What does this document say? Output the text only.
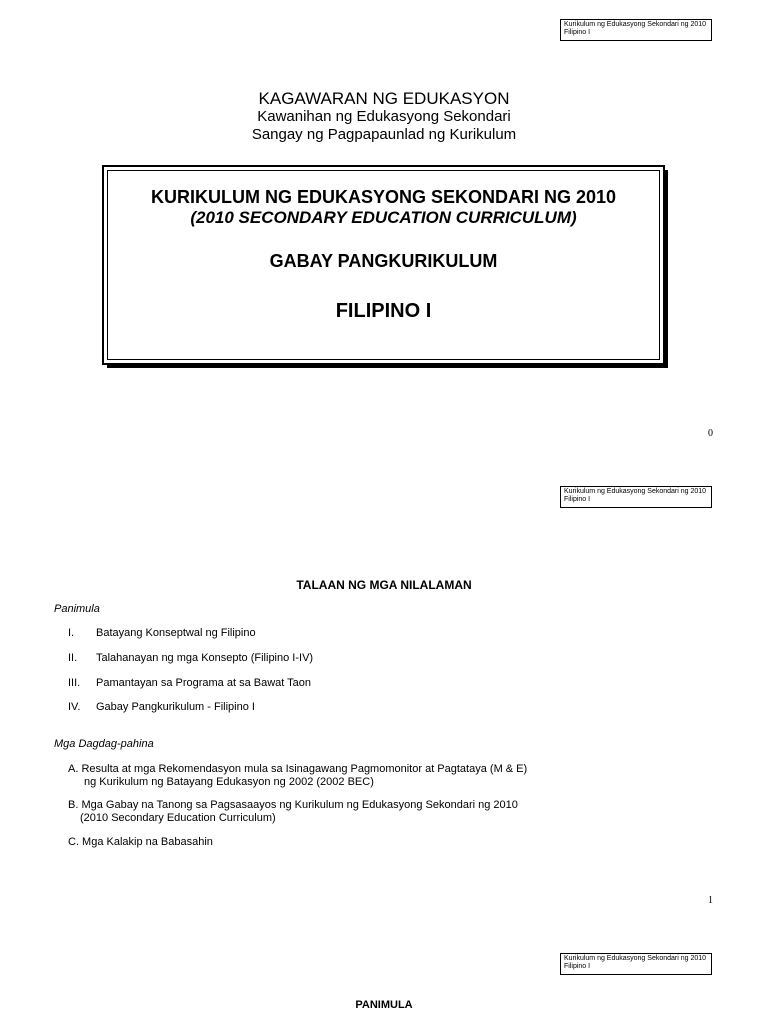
Kurikulum ng Edukasyong Sekondari ng 2010
Filipino I
KAGAWARAN NG EDUKASYON
Kawanihan ng Edukasyong Sekondari
Sangay ng Pagpapaunlad ng Kurikulum
KURIKULUM NG EDUKASYONG SEKONDARI NG 2010
(2010 SECONDARY EDUCATION CURRICULUM)
GABAY PANGKURIKULUM
FILIPINO I
0
Kurikulum ng Edukasyong Sekondari ng 2010
Filipino I
TALAAN NG MGA NILALAMAN
Panimula
I. Batayang Konseptwal ng Filipino
II. Talahanayan ng mga Konsepto (Filipino I-IV)
III. Pamantayan sa Programa at sa Bawat Taon
IV. Gabay Pangkurikulum - Filipino I
Mga Dagdag-pahina
A. Resulta at mga Rekomendasyon mula sa Isinagawang Pagmomonitor at Pagtataya (M & E)
ng Kurikulum ng Batayang Edukasyon ng 2002 (2002 BEC)
B. Mga Gabay na Tanong sa Pagsasaayos ng Kurikulum ng Edukasyong Sekondari ng 2010
(2010 Secondary Education Curriculum)
C. Mga Kalakip na Babasahin
1
Kurikulum ng Edukasyong Sekondari ng 2010
Filipino I
PANIMULA
